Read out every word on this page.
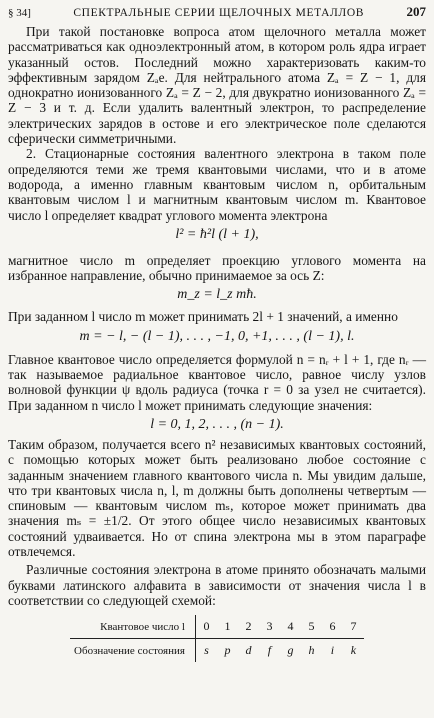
§ 34]	СПЕКТРАЛЬНЫЕ СЕРИИ ЩЕЛОЧНЫХ МЕТАЛЛОВ	207

При такой постановке вопроса атом щелочного металла может рассматриваться как одноэлектронный атом, в котором роль ядра играет указанный остов. Последний можно характеризовать каким-то эффективным зарядом Zₐe. Для нейтрального атома Zₐ = Z − 1, для однократно ионизованного Zₐ = Z − 2, для двукратно ионизованного Zₐ = Z − 3 и т. д. Если удалить валентный электрон, то распределение электрических зарядов в остове и его электрическое поле сделаются сферически симметричными.

2. Стационарные состояния валентного электрона в таком поле определяются теми же тремя квантовыми числами, что и в атоме водорода, а именно главным квантовым числом n, орбитальным квантовым числом l и магнитным квантовым числом m. Квантовое число l определяет квадрат углового момента электрона

l² = ħ²l (l + 1),

магнитное число m определяет проекцию углового момента на избранное направление, обычно принимаемое за ось Z:

m_z = l_z mħ.

При заданном l число m может принимать 2l + 1 значений, а именно

m = − l, − (l − 1), . . . , −1, 0, +1, . . . , (l − 1), l.

Главное квантовое число определяется формулой n = nᵣ + l + 1, где nᵣ — так называемое радиальное квантовое число, равное числу узлов волновой функции ψ вдоль радиуса (точка r = 0 за узел не считается). При заданном n число l может принимать следующие значения:

l = 0, 1, 2, . . . , (n − 1).

Таким образом, получается всего n² независимых квантовых состояний, с помощью которых может быть реализовано любое состояние с заданным значением главного квантового числа n. Мы увидим дальше, что три квантовых числа n, l, m должны быть дополнены четвертым — спиновым — квантовым числом mₛ, которое может принимать два значения mₛ = ±1/2. От этого общее число независимых квантовых состояний удваивается. Но от спина электрона мы в этом параграфе отвлечемся.

Различные состояния электрона в атоме принято обозначать малыми буквами латинского алфавита в зависимости от значения числа l в соответствии со следующей схемой:

Квантовое число l	0	1	2	3	4	5	6	7
Обозначение состояния	s	p	d	f	g	h	i	k
